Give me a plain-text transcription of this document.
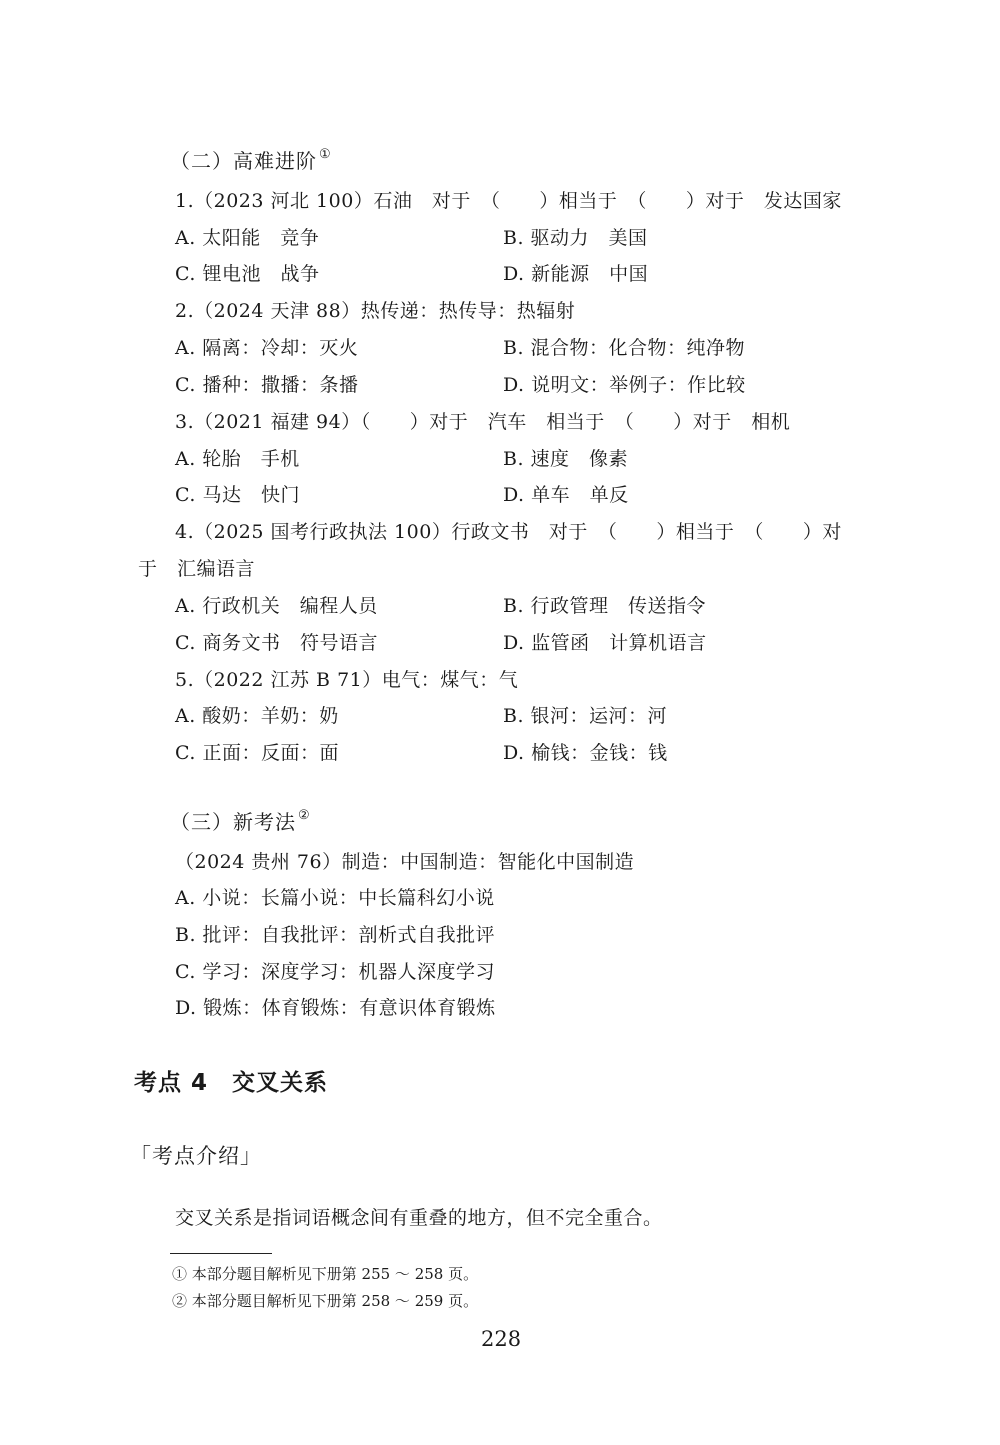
（二）高难进阶 ①
1.（2023 河北 100）石油　对于　（　　）相当于　（　　）对于　发达国家
A. 太阳能　竞争	B. 驱动力　美国
C. 锂电池　战争	D. 新能源　中国
2.（2024 天津 88）热传递：热传导：热辐射
A. 隔离：冷却：灭火	B. 混合物：化合物：纯净物
C. 播种：撒播：条播	D. 说明文：举例子：作比较
3.（2021 福建 94）（　　）对于　汽车　相当于　（　　）对于　相机
A. 轮胎　手机	B. 速度　像素
C. 马达　快门	D. 单车　单反
4.（2025 国考行政执法 100）行政文书　对于　（　　）相当于　（　　）对
于　汇编语言
A. 行政机关　编程人员	B. 行政管理　传送指令
C. 商务文书　符号语言	D. 监管函　计算机语言
5.（2022 江苏 B 71）电气：煤气：气
A. 酸奶：羊奶：奶	B. 银河：运河：河
C. 正面：反面：面	D. 榆钱：金钱：钱
（三）新考法 ②
（2024 贵州 76）制造：中国制造：智能化中国制造
A. 小说：长篇小说：中长篇科幻小说
B. 批评：自我批评：剖析式自我批评
C. 学习：深度学习：机器人深度学习
D. 锻炼：体育锻炼：有意识体育锻炼
考点 4　交叉关系
「考点介绍」
交叉关系是指词语概念间有重叠的地方，但不完全重合。
① 本部分题目解析见下册第 255 ～ 258 页。
② 本部分题目解析见下册第 258 ～ 259 页。
228
